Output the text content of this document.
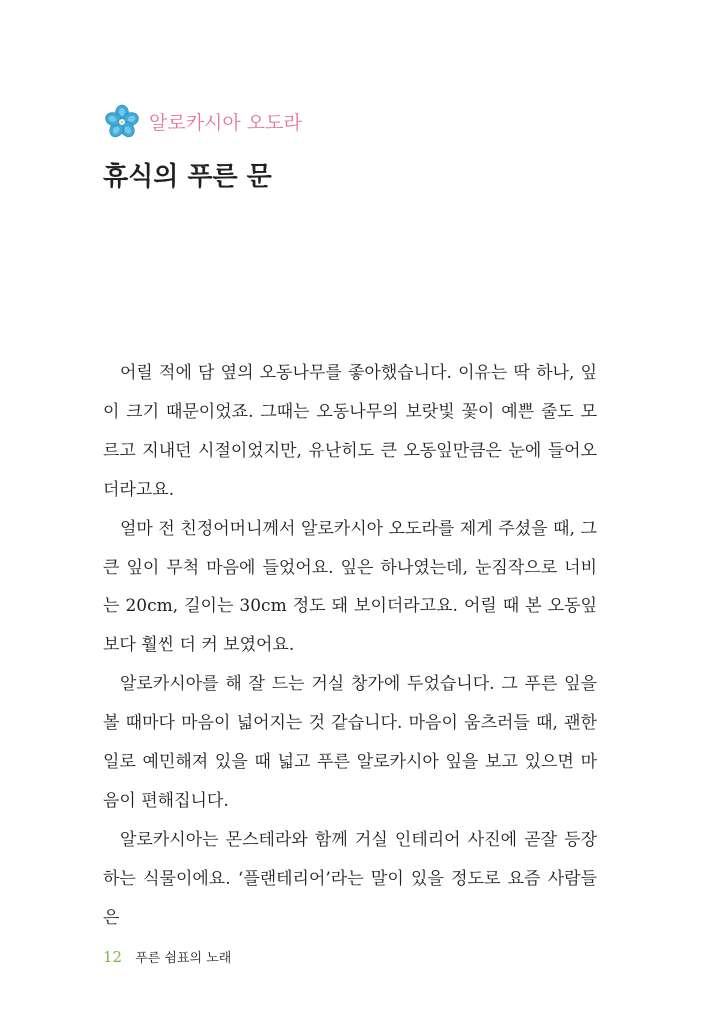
알로카시아 오도라
휴식의 푸른 문

어릴 적에 담 옆의 오동나무를 좋아했습니다. 이유는 딱 하나, 잎이 크기 때문이었죠. 그때는 오동나무의 보랏빛 꽃이 예쁜 줄도 모르고 지내던 시절이었지만, 유난히도 큰 오동잎만큼은 눈에 들어오더라고요.

얼마 전 친정어머니께서 알로카시아 오도라를 제게 주셨을 때, 그 큰 잎이 무척 마음에 들었어요. 잎은 하나였는데, 눈짐작으로 너비는 20cm, 길이는 30cm 정도 돼 보이더라고요. 어릴 때 본 오동잎보다 훨씬 더 커 보였어요.

알로카시아를 해 잘 드는 거실 창가에 두었습니다. 그 푸른 잎을 볼 때마다 마음이 넓어지는 것 같습니다. 마음이 움츠러들 때, 괜한 일로 예민해져 있을 때 넓고 푸른 알로카시아 잎을 보고 있으면 마음이 편해집니다.

알로카시아는 몬스테라와 함께 거실 인테리어 사진에 곧잘 등장하는 식물이에요. ‘플랜테리어’라는 말이 있을 정도로 요즘 사람들은

12 푸른 쉼표의 노래
